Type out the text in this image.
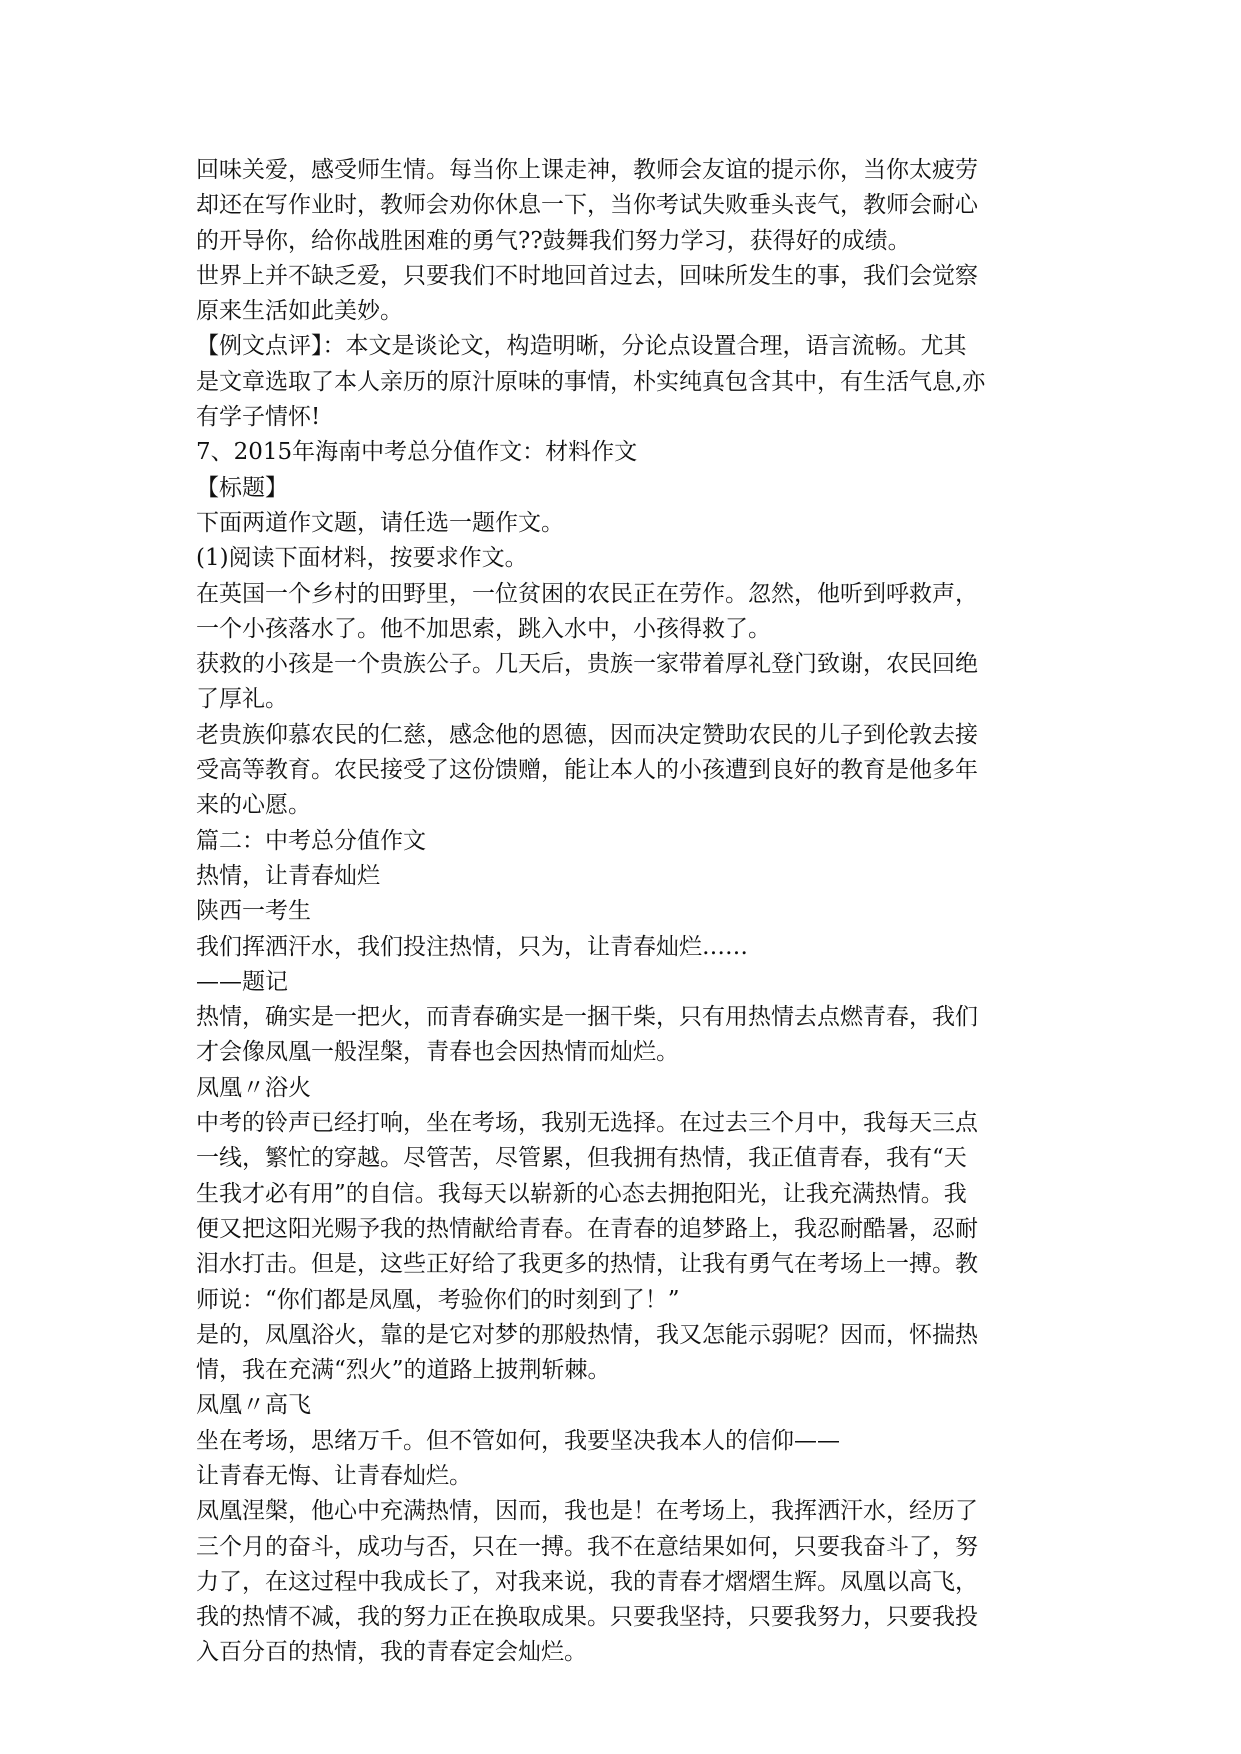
回味关爱，感受师生情。每当你上课走神，教师会友谊的提示你，当你太疲劳
却还在写作业时，教师会劝你休息一下，当你考试失败垂头丧气，教师会耐心
的开导你，给你战胜困难的勇气??鼓舞我们努力学习，获得好的成绩。
世界上并不缺乏爱，只要我们不时地回首过去，回味所发生的事，我们会觉察
原来生活如此美妙。
【例文点评】：本文是谈论文，构造明晰，分论点设置合理，语言流畅。尤其
是文章选取了本人亲历的原汁原味的事情，朴实纯真包含其中，有生活气息,亦
有学子情怀!
7、2015年海南中考总分值作文：材料作文
【标题】
下面两道作文题，请任选一题作文。
(1)阅读下面材料，按要求作文。
在英国一个乡村的田野里，一位贫困的农民正在劳作。忽然，他听到呼救声，
一个小孩落水了。他不加思索，跳入水中，小孩得救了。
获救的小孩是一个贵族公子。几天后，贵族一家带着厚礼登门致谢，农民回绝
了厚礼。
老贵族仰慕农民的仁慈，感念他的恩德，因而决定赞助农民的儿子到伦敦去接
受高等教育。农民接受了这份馈赠，能让本人的小孩遭到良好的教育是他多年
来的心愿。
篇二：中考总分值作文
热情，让青春灿烂
陕西一考生
我们挥洒汗水，我们投注热情，只为，让青春灿烂……
——题记
热情，确实是一把火，而青春确实是一捆干柴，只有用热情去点燃青春，我们
才会像凤凰一般涅槃，青春也会因热情而灿烂。
凤凰〃浴火
中考的铃声已经打响，坐在考场，我别无选择。在过去三个月中，我每天三点
一线，繁忙的穿越。尽管苦，尽管累，但我拥有热情，我正值青春，我有“天
生我才必有用”的自信。我每天以崭新的心态去拥抱阳光，让我充满热情。我
便又把这阳光赐予我的热情献给青春。在青春的追梦路上，我忍耐酷暑，忍耐
泪水打击。但是，这些正好给了我更多的热情，让我有勇气在考场上一搏。教
师说：“你们都是凤凰，考验你们的时刻到了！”
是的，凤凰浴火，靠的是它对梦的那般热情，我又怎能示弱呢？因而，怀揣热
情，我在充满“烈火”的道路上披荆斩棘。
凤凰〃高飞
坐在考场，思绪万千。但不管如何，我要坚决我本人的信仰——
让青春无悔、让青春灿烂。
凤凰涅槃，他心中充满热情，因而，我也是！在考场上，我挥洒汗水，经历了
三个月的奋斗，成功与否，只在一搏。我不在意结果如何，只要我奋斗了，努
力了，在这过程中我成长了，对我来说，我的青春才熠熠生辉。凤凰以高飞，
我的热情不减，我的努力正在换取成果。只要我坚持，只要我努力，只要我投
入百分百的热情，我的青春定会灿烂。
